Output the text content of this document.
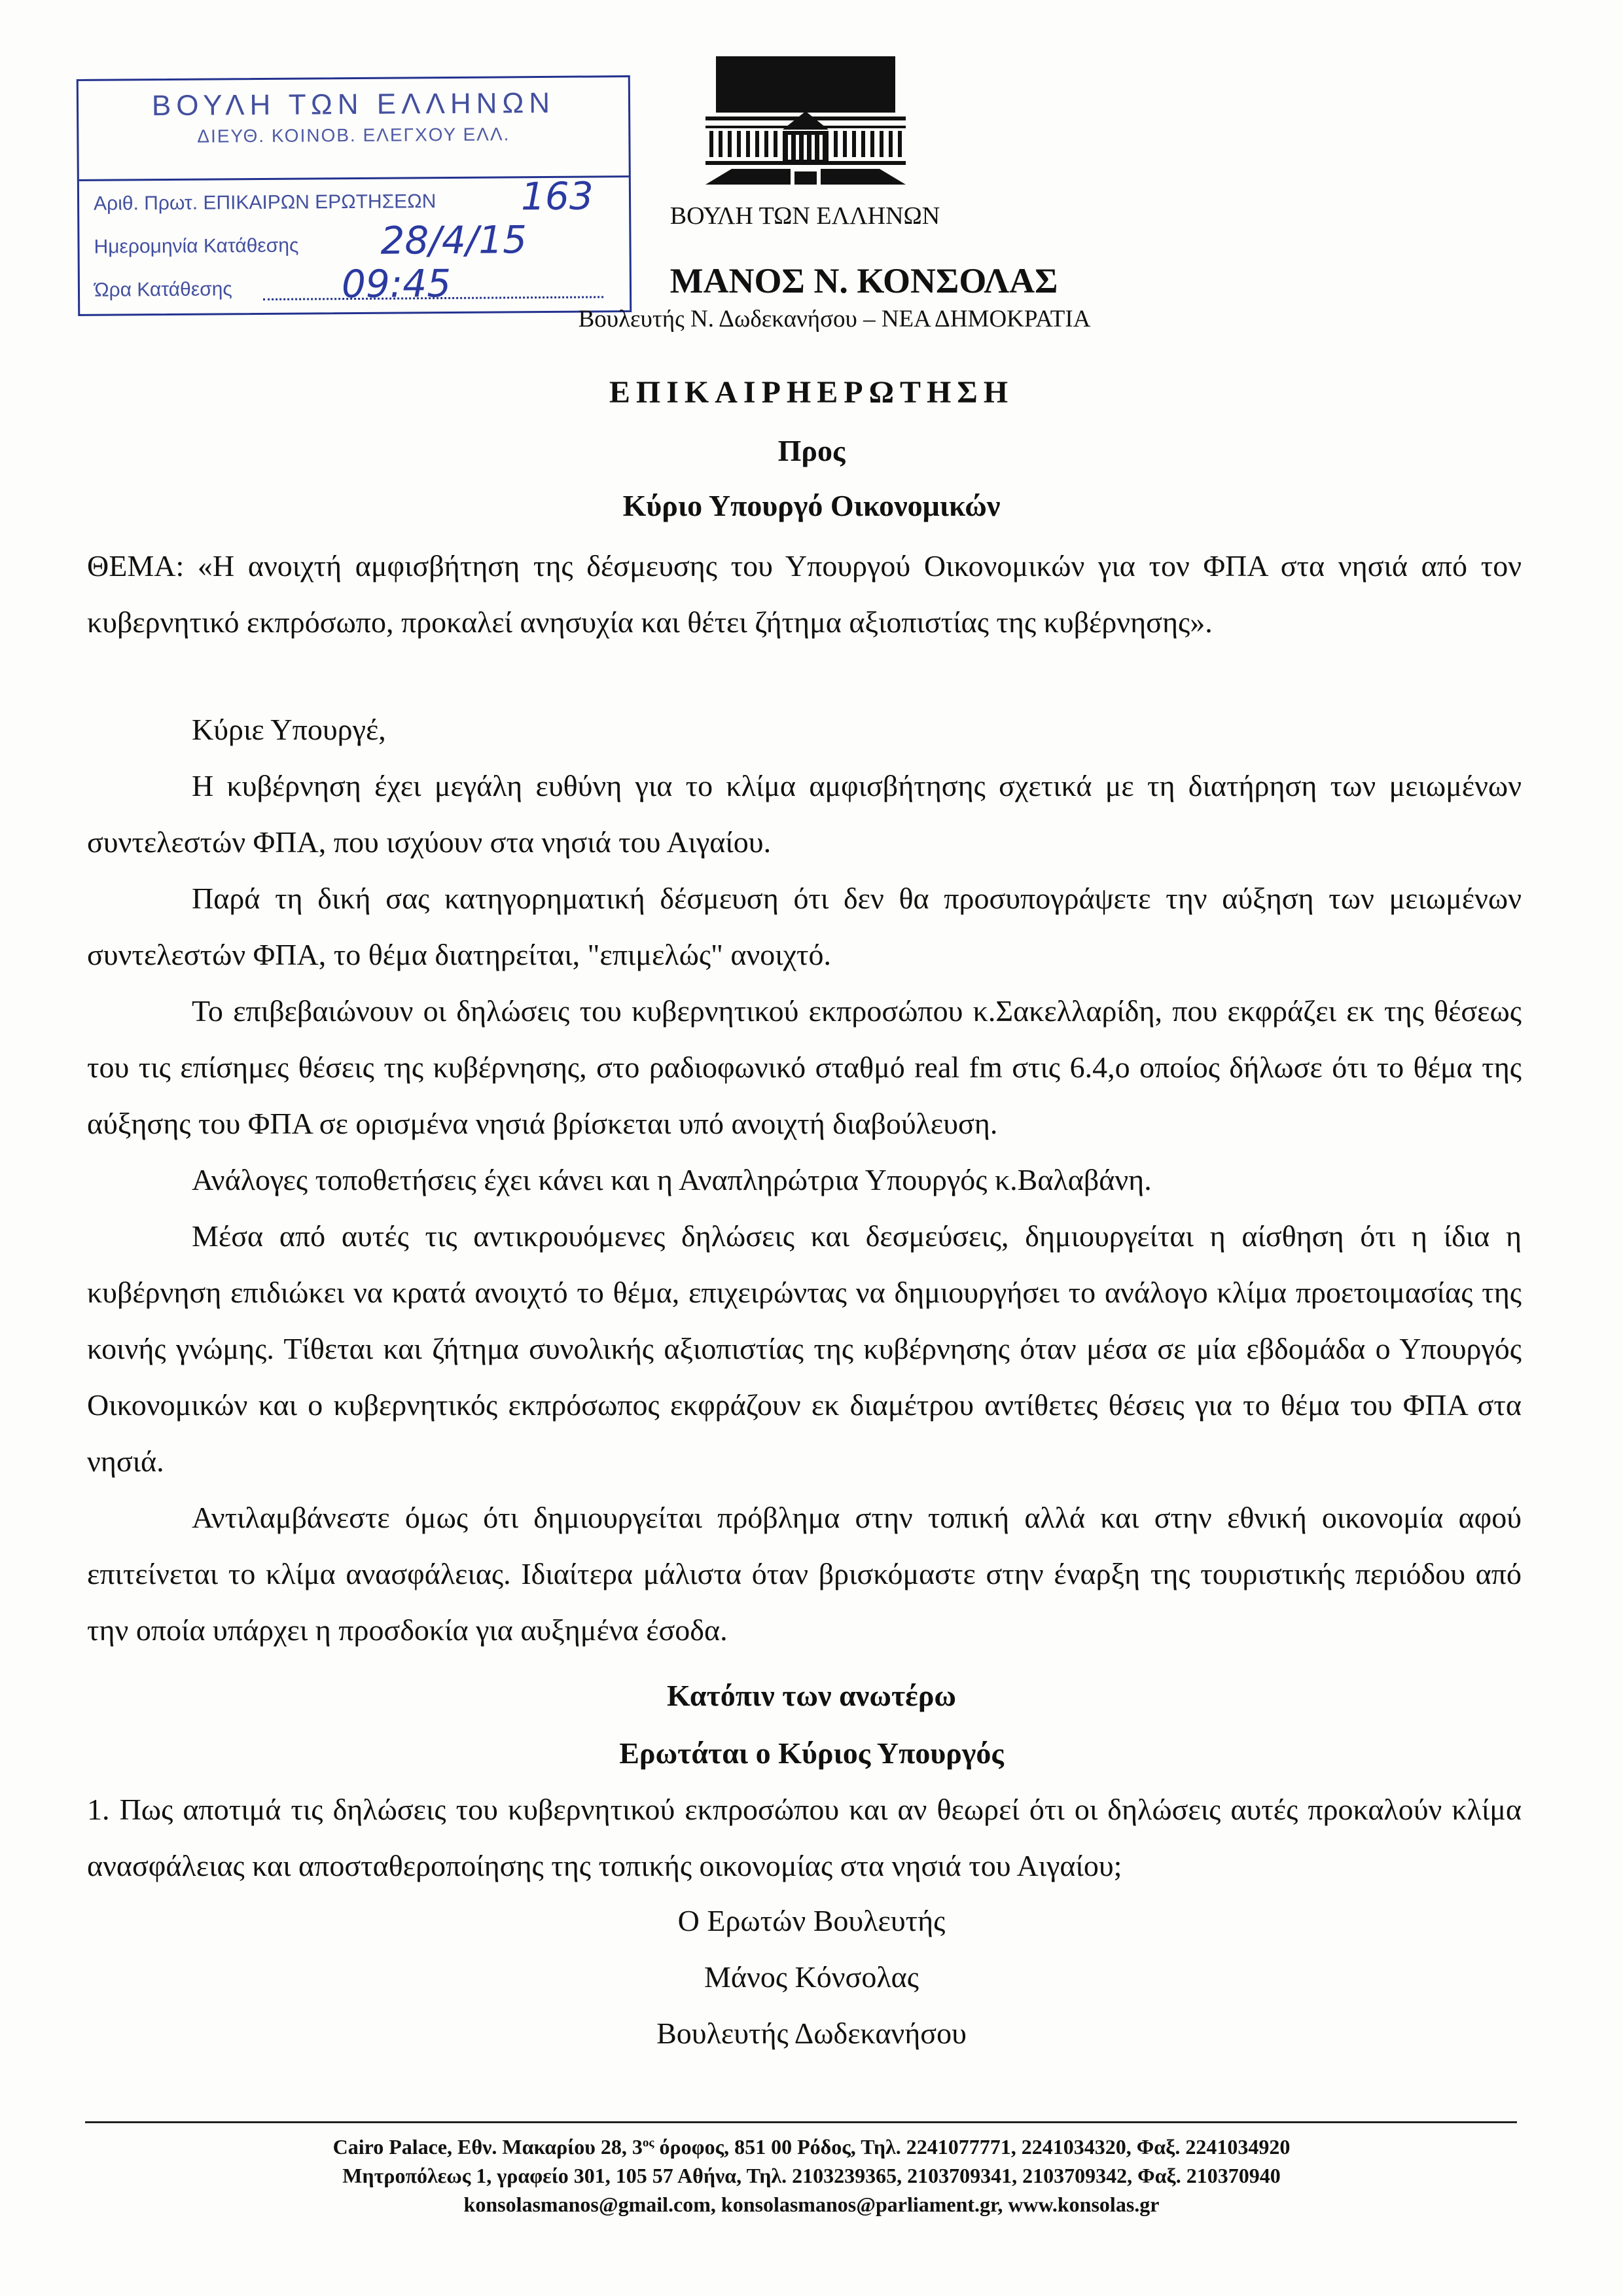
ΒΟΥΛΗ ΤΩΝ ΕΛΛΗΝΩΝ
ΔΙΕΥΘ. ΚΟΙΝΟΒ. ΕΛΕΓΧΟΥ ΕΛΛ.
Αριθ. Πρωτ. ΕΠΙΚΑΙΡΩΝ ΕΡΩΤΗΣΕΩΝ 163
Ημερομηνία Κατάθεσης 28/4/15
Ώρα Κατάθεσης	09:45
ΒΟΥΛΗ ΤΩΝ ΕΛΛΗΝΩΝ
ΜΑΝΟΣ Ν. ΚΟΝΣΟΛΑΣ
Βουλευτής Ν. Δωδεκανήσου – ΝΕΑ ΔΗΜΟΚΡΑΤΙΑ
ΕΠΙΚΑΙΡΗΕΡΩΤΗΣΗ
Προς
Κύριο Υπουργό Οικονομικών
ΘΕΜΑ: «Η ανοιχτή αμφισβήτηση της δέσμευσης του Υπουργού Οικονομικών για τον ΦΠΑ στα νησιά από τον κυβερνητικό εκπρόσωπο, προκαλεί ανησυχία και θέτει ζήτημα αξιοπιστίας της κυβέρνησης».
Κύριε Υπουργέ,
Η κυβέρνηση έχει μεγάλη ευθύνη για το κλίμα αμφισβήτησης σχετικά με τη διατήρηση των μειωμένων συντελεστών ΦΠΑ, που ισχύουν στα νησιά του Αιγαίου.
Παρά τη δική σας κατηγορηματική δέσμευση ότι δεν θα προσυπογράψετε την αύξηση των μειωμένων συντελεστών ΦΠΑ, το θέμα διατηρείται, "επιμελώς" ανοιχτό.
Το επιβεβαιώνουν οι δηλώσεις του κυβερνητικού εκπροσώπου κ.Σακελλαρίδη, που εκφράζει εκ της θέσεως του τις επίσημες θέσεις της κυβέρνησης, στο ραδιοφωνικό σταθμό real fm στις 6.4,ο οποίος δήλωσε ότι το θέμα της αύξησης του ΦΠΑ σε ορισμένα νησιά βρίσκεται υπό ανοιχτή διαβούλευση.
Ανάλογες τοποθετήσεις έχει κάνει και η Αναπληρώτρια Υπουργός κ.Βαλαβάνη.
Μέσα από αυτές τις αντικρουόμενες δηλώσεις και δεσμεύσεις, δημιουργείται η αίσθηση ότι η ίδια η κυβέρνηση επιδιώκει να κρατά ανοιχτό το θέμα, επιχειρώντας να δημιουργήσει το ανάλογο κλίμα προετοιμασίας της κοινής γνώμης. Τίθεται και ζήτημα συνολικής αξιοπιστίας της κυβέρνησης όταν μέσα σε μία εβδομάδα ο Υπουργός Οικονομικών και ο κυβερνητικός εκπρόσωπος εκφράζουν εκ διαμέτρου αντίθετες θέσεις για το θέμα του ΦΠΑ στα νησιά.
Αντιλαμβάνεστε όμως ότι δημιουργείται πρόβλημα στην τοπική αλλά και στην εθνική οικονομία αφού επιτείνεται το κλίμα ανασφάλειας. Ιδιαίτερα μάλιστα όταν βρισκόμαστε στην έναρξη της τουριστικής περιόδου από την οποία υπάρχει η προσδοκία για αυξημένα έσοδα.
Κατόπιν των ανωτέρω
Ερωτάται ο Κύριος Υπουργός
1. Πως αποτιμά τις δηλώσεις του κυβερνητικού εκπροσώπου και αν θεωρεί ότι οι δηλώσεις αυτές προκαλούν κλίμα ανασφάλειας και αποσταθεροποίησης της τοπικής οικονομίας στα νησιά του Αιγαίου;
Ο Ερωτών Βουλευτής
Μάνος Κόνσολας
Βουλευτής Δωδεκανήσου
Cairo Palace, Εθν. Μακαρίου 28, $3^{o\varsigma}$ όροφος, 851 00 Ρόδος, Τηλ. 2241077771, 2241034320, Φαξ. 2241034920
Μητροπόλεως 1, γραφείο 301, 105 57 Αθήνα, Τηλ. 2103239365, 2103709341, 2103709342, Φαξ. 210370940
konsolasmanos@gmail.com, konsolasmanos@parliament.gr, www.konsolas.gr
